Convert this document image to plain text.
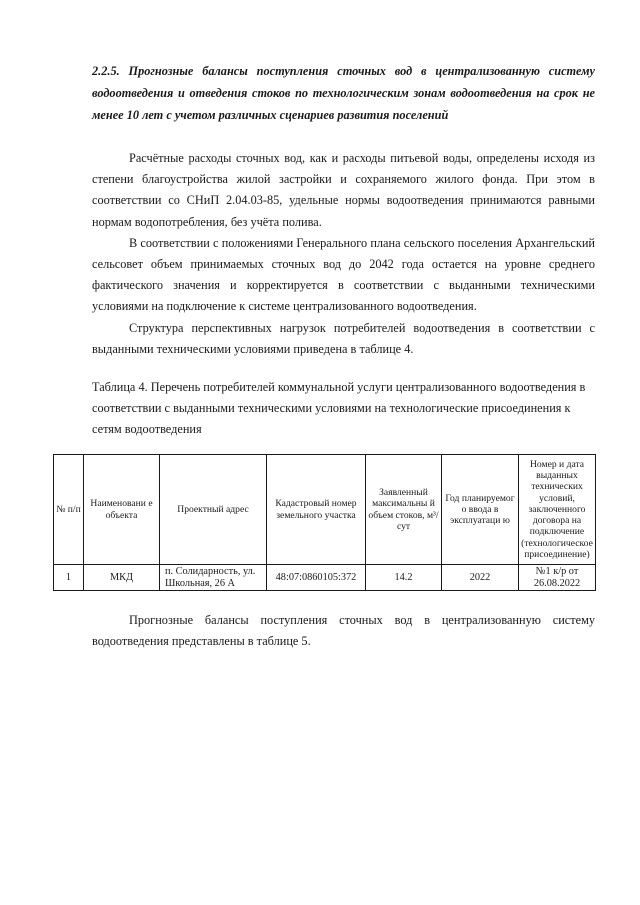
2.2.5. Прогнозные балансы поступления сточных вод в централизованную систему водоотведения и отведения стоков по технологическим зонам водоотведения на срок не менее 10 лет с учетом различных сценариев развития поселений

Расчётные расходы сточных вод, как и расходы питьевой воды, определены исходя из степени благоустройства жилой застройки и сохраняемого жилого фонда. При этом в соответствии со СНиП 2.04.03-85, удельные нормы водоотведения принимаются равными нормам водопотребления, без учёта полива.

В соответствии с положениями Генерального плана сельского поселения Архангельский сельсовет объем принимаемых сточных вод до 2042 года остается на уровне среднего фактического значения и корректируется в соответствии с выданными техническими условиями на подключение к системе централизованного водоотведения.

Структура перспективных нагрузок потребителей водоотведения в соответствии с выданными техническими условиями приведена в таблице 4.

Таблица 4. Перечень потребителей коммунальной услуги централизованного водоотведения в соответствии с выданными техническими условиями на технологические присоединения к сетям водоотведения

№ п/п	Наименовани е объекта	Проектный адрес	Кадастровый номер земельного участка	Заявленный максимальны й объем стоков, м³/сут	Год планируемог о ввода в эксплуатаци ю	Номер и дата выданных технических условий, заключенного договора на подключение (технологическое присоединение)
1	МКД	п. Солидарность, ул. Школьная, 26 А	48:07:0860105:372	14.2	2022	№1 к/р от 26.08.2022

Прогнозные балансы поступления сточных вод в централизованную систему водоотведения представлены в таблице 5.
